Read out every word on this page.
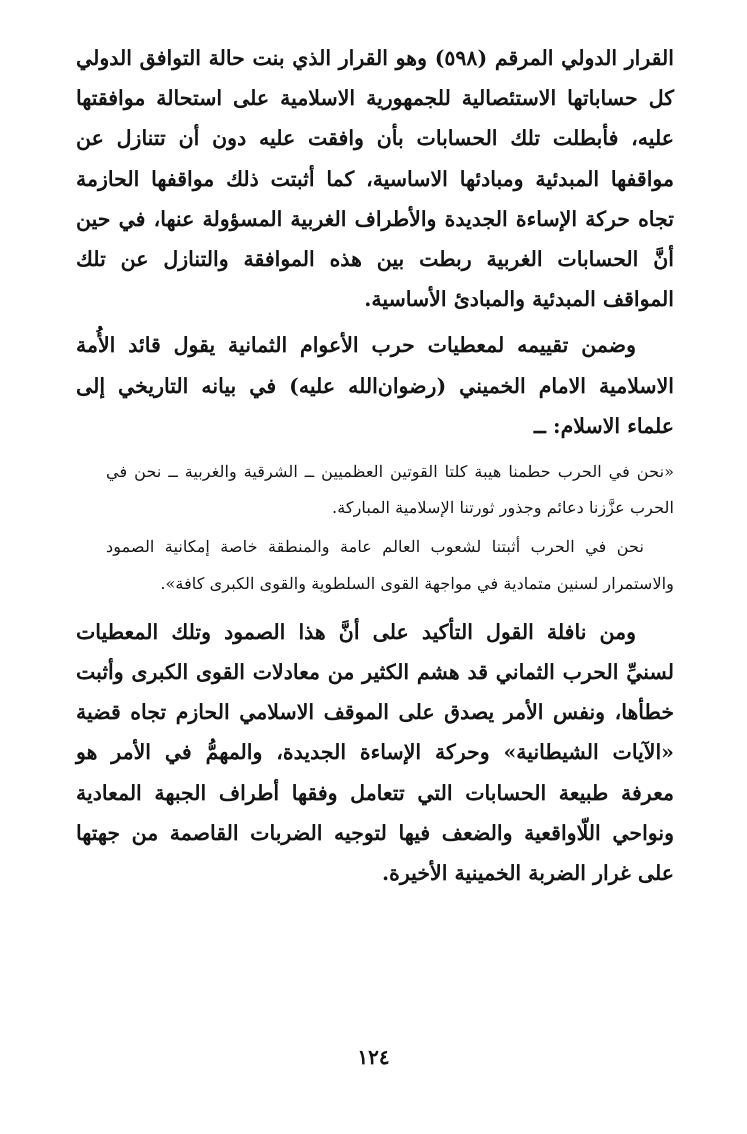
القرار الدولي المرقم (٥٩٨) وهو القرار الذي بنت حالة التوافق الدولي كل حساباتها الاستئصالية للجمهورية الاسلامية على استحالة موافقتها عليه، فأبطلت تلك الحسابات بأن وافقت عليه دون أن تتنازل عن مواقفها المبدئية ومبادئها الاساسية، كما أثبتت ذلك مواقفها الحازمة تجاه حركة الإساءة الجديدة والأطراف الغربية المسؤولة عنها، في حين أنَّ الحسابات الغربية ربطت بين هذه الموافقة والتنازل عن تلك المواقف المبدئية والمبادئ الأساسية.

وضمن تقييمه لمعطيات حرب الأعوام الثمانية يقول قائد الأُمة الاسلامية الامام الخميني (رضوان‌الله عليه) في بيانه التاريخي إلى علماء الاسلام: ــ

«نحن في الحرب حطمنا هيبة كلتا القوتين العظميين ــ الشرقية والغربية ــ نحن في الحرب عزَّزنا دعائم وجذور ثورتنا الإسلامية المباركة.

نحن في الحرب أثبتنا لشعوب العالم عامة والمنطقة خاصة إمكانية الصمود والاستمرار لسنين متمادية في مواجهة القوى السلطوية والقوى الكبرى كافة».

ومن نافلة القول التأكيد على أنَّ هذا الصمود وتلك المعطيات لسنيِّ الحرب الثماني قد هشم الكثير من معادلات القوى الكبرى وأثبت خطأها، ونفس الأمر يصدق على الموقف الاسلامي الحازم تجاه قضية «الآيات الشيطانية» وحركة الإساءة الجديدة، والمهمُّ في الأمر هو معرفة طبيعة الحسابات التي تتعامل وفقها أطراف الجبهة المعادية ونواحي اللّاواقعية والضعف فيها لتوجيه الضربات القاصمة من جهتها على غرار الضربة الخمينية الأخيرة.

١٢٤
